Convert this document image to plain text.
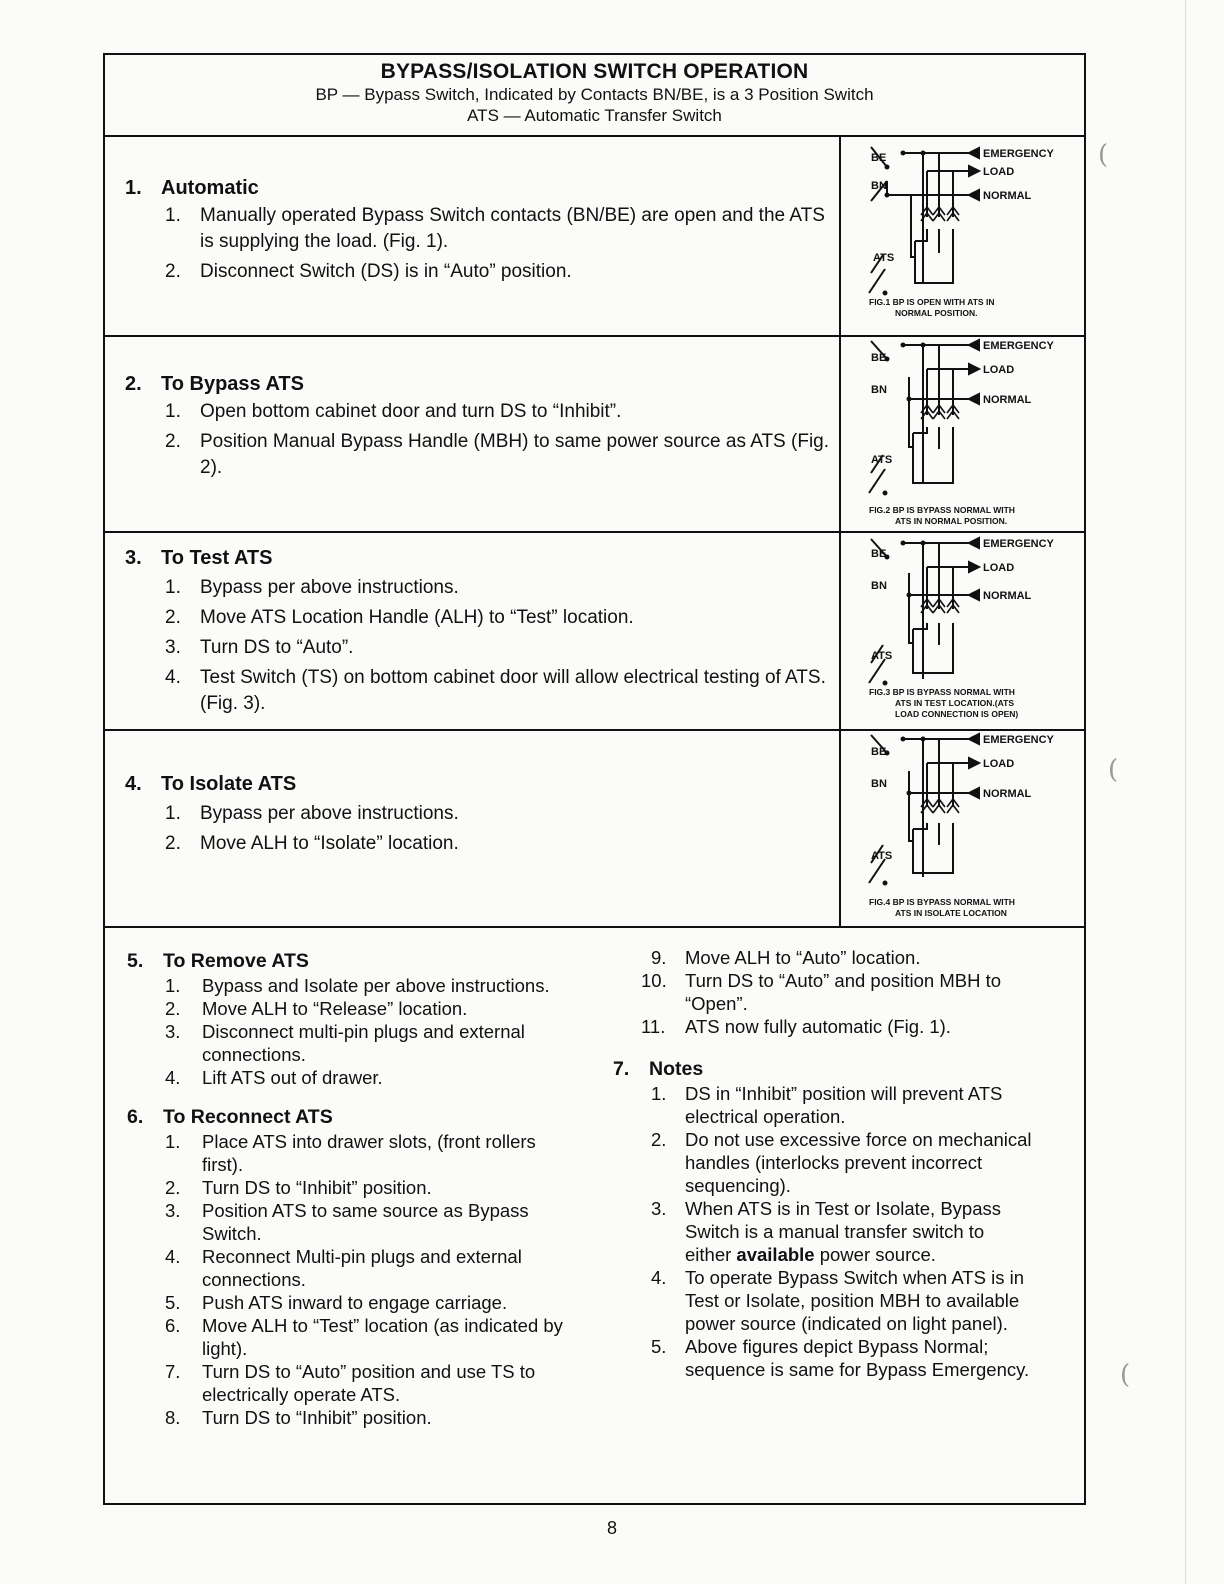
(
(
(
BYPASS/ISOLATION SWITCH OPERATION
BP — Bypass Switch, Indicated by Contacts BN/BE, is a 3 Position Switch
ATS — Automatic Transfer Switch
1. Automatic
1. Manually operated Bypass Switch contacts (BN/BE) are open and the ATS is supplying the load. (Fig. 1).
2. Disconnect Switch (DS) is in “Auto” position.
BE
BN
ATS
EMERGENCY
LOAD
NORMAL
FIG.1 BP IS OPEN WITH ATS IN
NORMAL POSITION.
2. To Bypass ATS
1. Open bottom cabinet door and turn DS to “Inhibit”.
2. Position Manual Bypass Handle (MBH) to same power source as ATS (Fig. 2).
BE
BN
ATS
EMERGENCY
LOAD
NORMAL
FIG.2 BP IS BYPASS NORMAL WITH
ATS IN NORMAL POSITION.
3. To Test ATS
1. Bypass per above instructions.
2. Move ATS Location Handle (ALH) to “Test” location.
3. Turn DS to “Auto”.
4. Test Switch (TS) on bottom cabinet door will allow electrical testing of ATS. (Fig. 3).
BE
BN
ATS
EMERGENCY
LOAD
NORMAL
FIG.3 BP IS BYPASS NORMAL WITH
ATS IN TEST LOCATION.(ATS
LOAD CONNECTION IS OPEN)
4. To Isolate ATS
1. Bypass per above instructions.
2. Move ALH to “Isolate” location.
BE
BN
ATS
EMERGENCY
LOAD
NORMAL
FIG.4 BP IS BYPASS NORMAL WITH
ATS IN ISOLATE LOCATION
5. To Remove ATS
1. Bypass and Isolate per above instructions.
2. Move ALH to “Release” location.
3. Disconnect multi-pin plugs and external connections.
4. Lift ATS out of drawer.
6. To Reconnect ATS
1. Place ATS into drawer slots, (front rollers first).
2. Turn DS to “Inhibit” position.
3. Position ATS to same source as Bypass Switch.
4. Reconnect Multi-pin plugs and external connections.
5. Push ATS inward to engage carriage.
6. Move ALH to “Test” location (as indicated by light).
7. Turn DS to “Auto” position and use TS to electrically operate ATS.
8. Turn DS to “Inhibit” position.
9. Move ALH to “Auto” location.
10. Turn DS to “Auto” and position MBH to “Open”.
11. ATS now fully automatic (Fig. 1).
7. Notes
1. DS in “Inhibit” position will prevent ATS electrical operation.
2. Do not use excessive force on mechanical handles (interlocks prevent incorrect sequencing).
3. When ATS is in Test or Isolate, Bypass Switch is a manual transfer switch to either available power source.
4. To operate Bypass Switch when ATS is in Test or Isolate, position MBH to available power source (indicated on light panel).
5. Above figures depict Bypass Normal; sequence is same for Bypass Emergency.
8
